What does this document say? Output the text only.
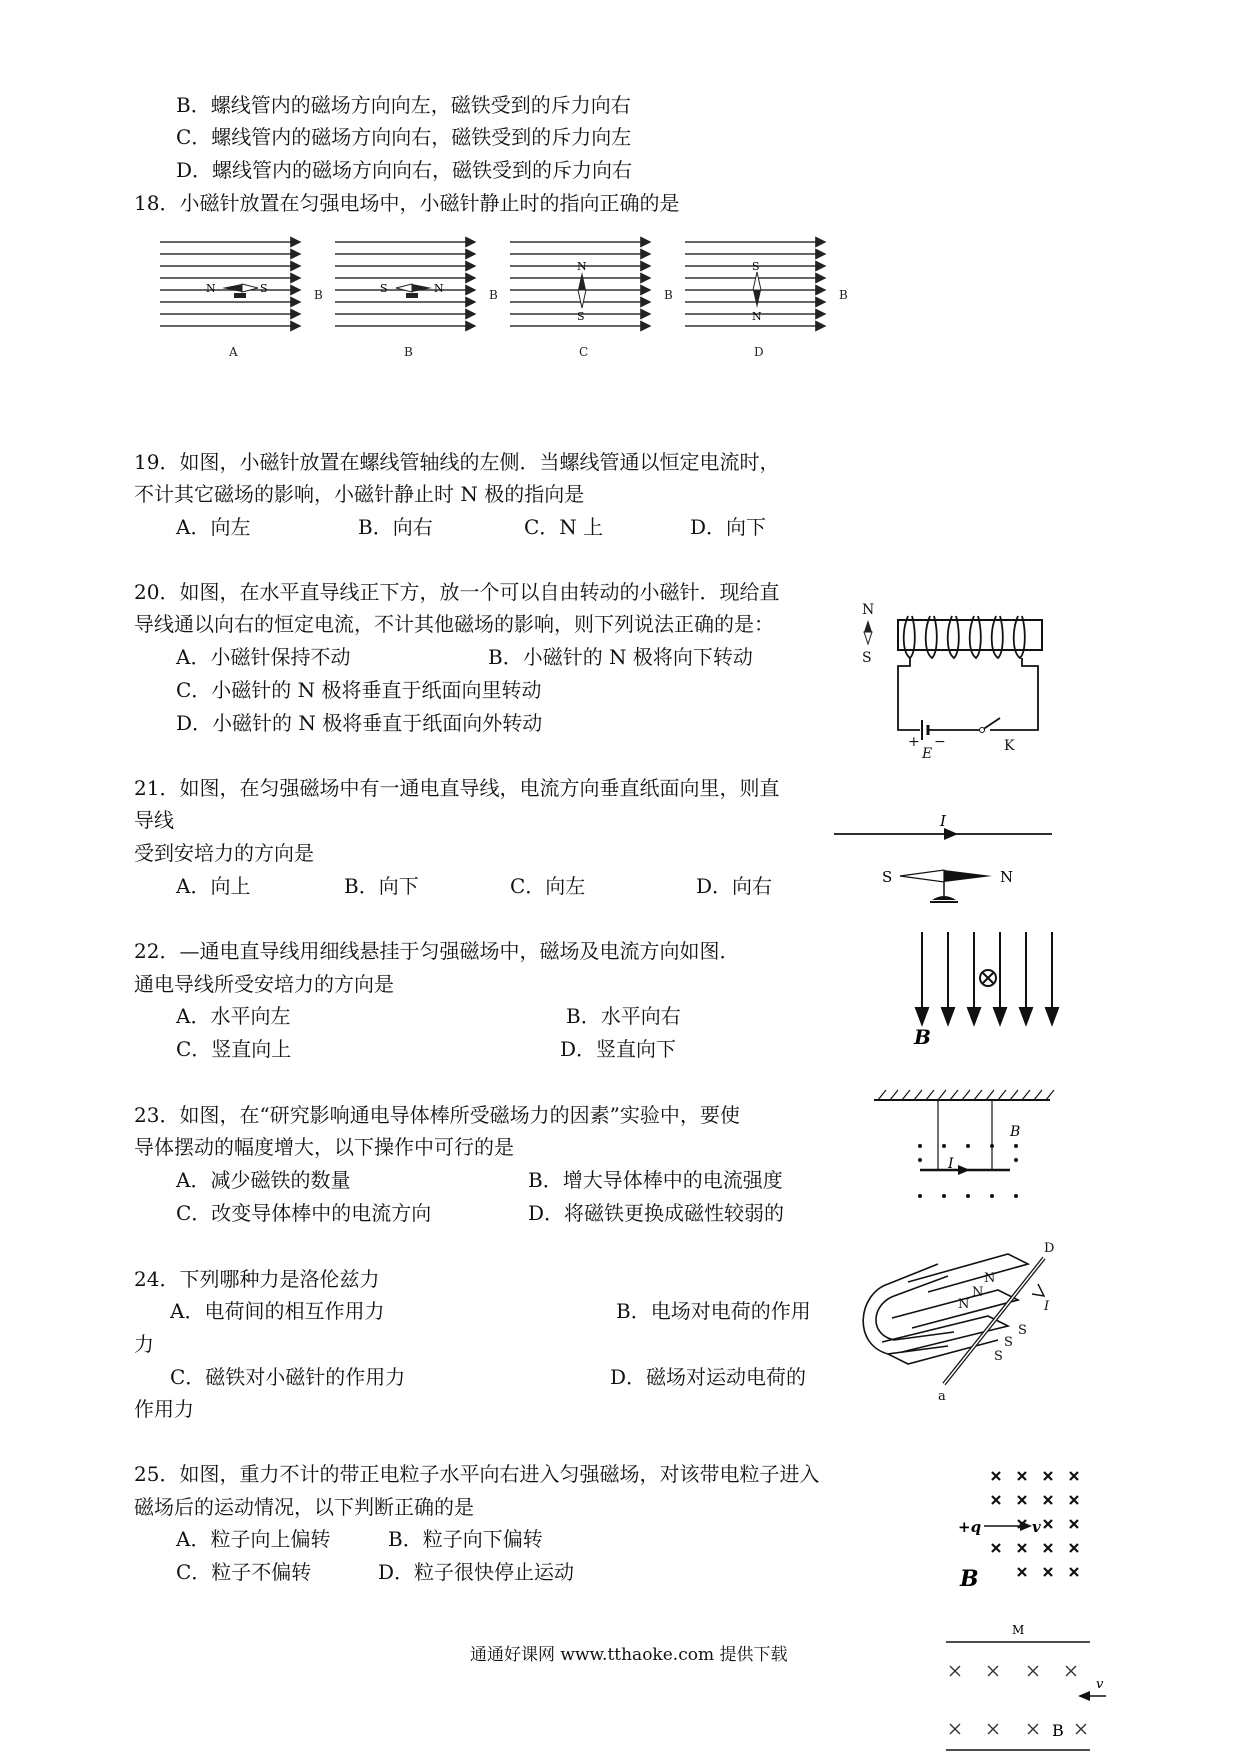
B．螺线管内的磁场方向向左，磁铁受到的斥力向右
C．螺线管内的磁场方向向右，磁铁受到的斥力向左
D．螺线管内的磁场方向向右，磁铁受到的斥力向右
18．小磁针放置在匀强电场中，小磁针静止时的指向正确的是
N	S	S	N
N
S
S
N
B	B	B	B
A	B	C	D
19．如图，小磁针放置在螺线管轴线的左侧．当螺线管通以恒定电流时，
不计其它磁场的影响，小磁针静止时 N 极的指向是
A．向左	B．向右	C．N 上	D．向下
20．如图，在水平直导线正下方，放一个可以自由转动的小磁针．现给直
导线通以向右的恒定电流，不计其他磁场的影响，则下列说法正确的是：
A．小磁针保持不动	B．小磁针的 N 极将向下转动
C．小磁针的 N 极将垂直于纸面向里转动
D．小磁针的 N 极将垂直于纸面向外转动
N
S
+ −
E	K
21．如图，在匀强磁场中有一通电直导线，电流方向垂直纸面向里，则直
导线
受到安培力的方向是
A．向上	B．向下	C．向左	D．向右
I
S	N
22．—通电直导线用细线悬挂于匀强磁场中，磁场及电流方向如图．
通电导线所受安培力的方向是
A．水平向左	B．水平向右
C．竖直向上	D．竖直向下	B
23．如图，在“研究影响通电导体棒所受磁场力的因素”实验中，要使
导体摆动的幅度增大，以下操作中可行的是
A．减少磁铁的数量	B．增大导体棒中的电流强度
C．改变导体棒中的电流方向	D．将磁铁更换成磁性较弱的
I
B
24．下列哪种力是洛伦兹力
A．电荷间的相互作用力	B．电场对电荷的作用
力
C．磁铁对小磁针的作用力	D．磁场对运动电荷的
作用力
D
I
N
N
N
S
S
S
a
25．如图，重力不计的带正电粒子水平向右进入匀强磁场，对该带电粒子进入
磁场后的运动情况，以下判断正确的是
A．粒子向上偏转	B．粒子向下偏转
C．粒子不偏转	D．粒子很快停止运动
+q	v
B
M
v
B
通通好课网 www.tthaoke.com 提供下载
